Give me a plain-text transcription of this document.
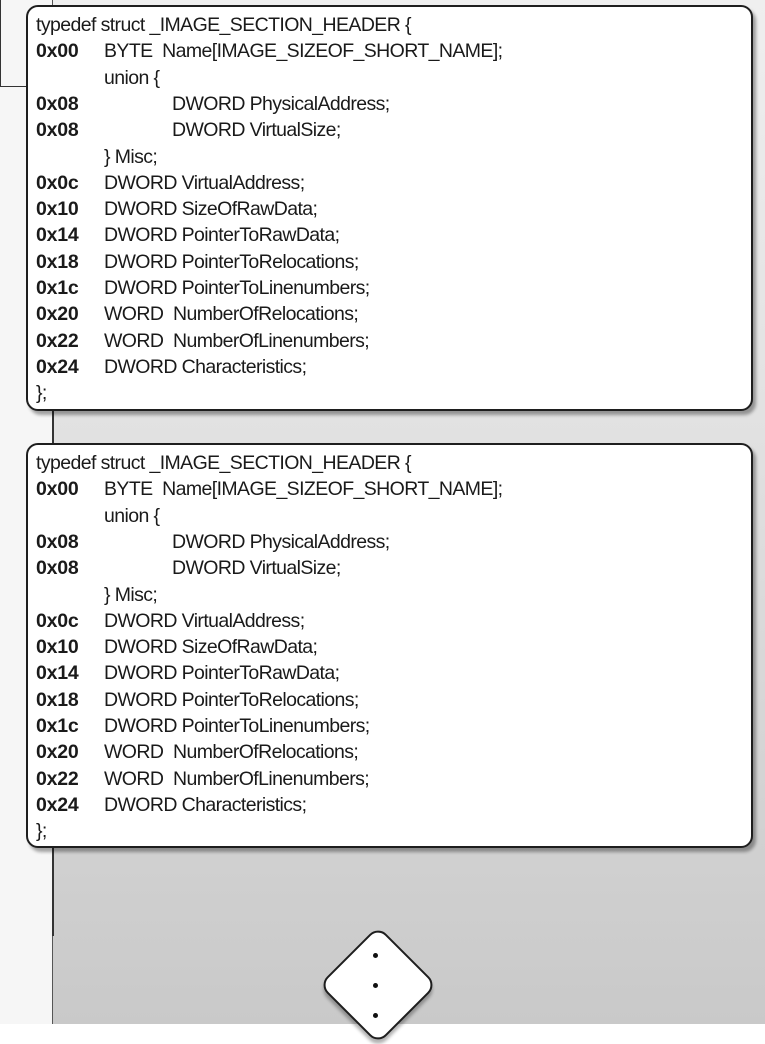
typedef struct _IMAGE_SECTION_HEADER {
0x00 BYTE  Name[IMAGE_SIZEOF_SHORT_NAME];
union {
0x08	DWORD PhysicalAddress;
0x08	DWORD VirtualSize;
} Misc;
0x0c DWORD VirtualAddress;
0x10 DWORD SizeOfRawData;
0x14 DWORD PointerToRawData;
0x18 DWORD PointerToRelocations;
0x1c DWORD PointerToLinenumbers;
0x20 WORD  NumberOfRelocations;
0x22 WORD  NumberOfLinenumbers;
0x24 DWORD Characteristics;
};
typedef struct _IMAGE_SECTION_HEADER {
0x00 BYTE  Name[IMAGE_SIZEOF_SHORT_NAME];
union {
0x08	DWORD PhysicalAddress;
0x08	DWORD VirtualSize;
} Misc;
0x0c DWORD VirtualAddress;
0x10 DWORD SizeOfRawData;
0x14 DWORD PointerToRawData;
0x18 DWORD PointerToRelocations;
0x1c DWORD PointerToLinenumbers;
0x20 WORD  NumberOfRelocations;
0x22 WORD  NumberOfLinenumbers;
0x24 DWORD Characteristics;
};
